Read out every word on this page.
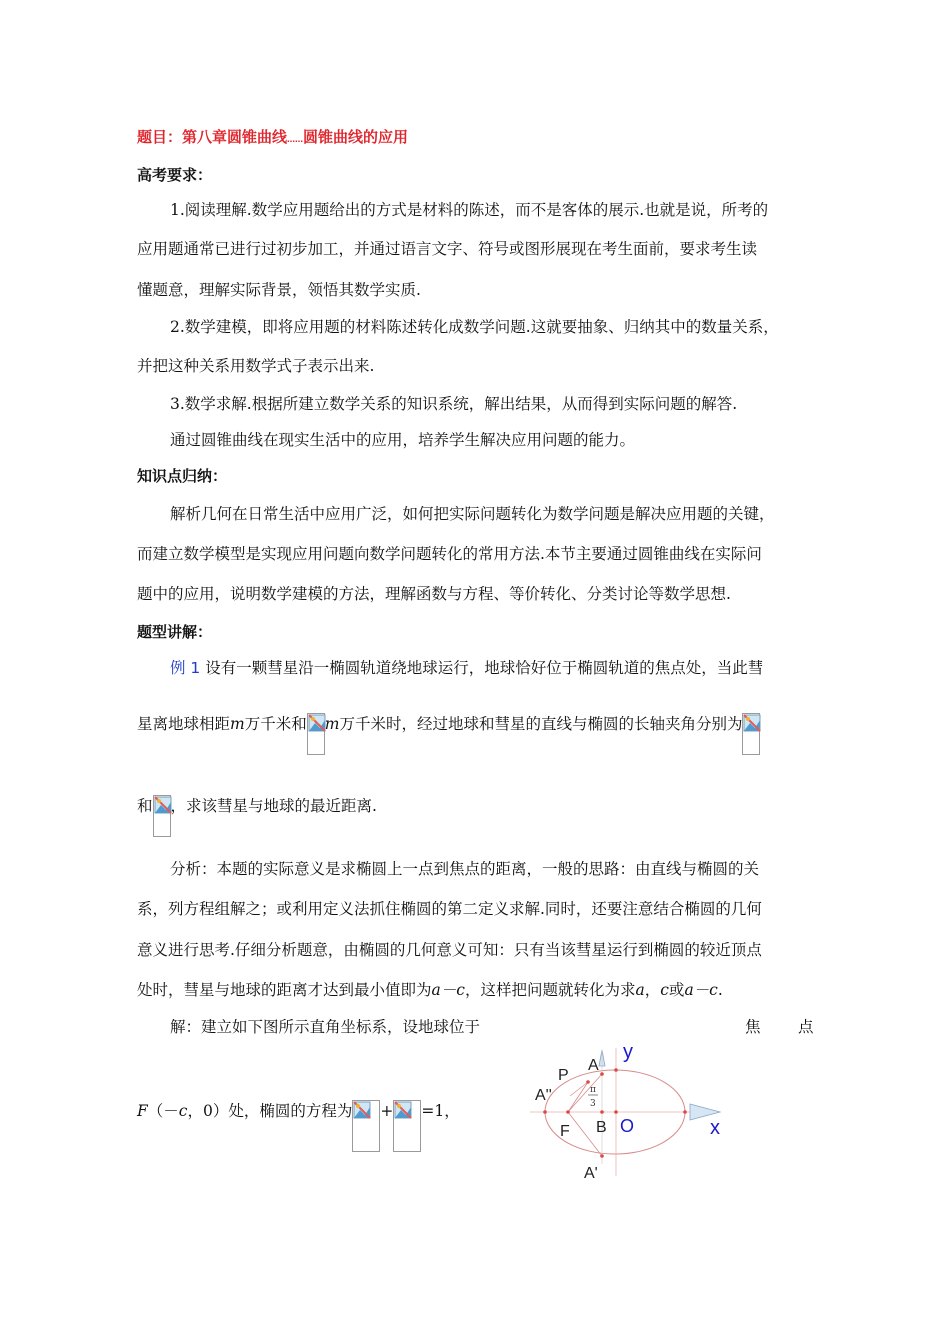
题目：第八章圆锥曲线……圆锥曲线的应用
高考要求：
1.阅读理解.数学应用题给出的方式是材料的陈述，而不是客体的展示.也就是说，所考的
应用题通常已进行过初步加工，并通过语言文字、符号或图形展现在考生面前，要求考生读
懂题意，理解实际背景，领悟其数学实质.
2.数学建模，即将应用题的材料陈述转化成数学问题.这就要抽象、归纳其中的数量关系，
并把这种关系用数学式子表示出来.
3.数学求解.根据所建立数学关系的知识系统，解出结果，从而得到实际问题的解答.
通过圆锥曲线在现实生活中的应用，培养学生解决应用问题的能力。
知识点归纳：
解析几何在日常生活中应用广泛，如何把实际问题转化为数学问题是解决应用题的关键，
而建立数学模型是实现应用问题向数学问题转化的常用方法.本节主要通过圆锥曲线在实际问
题中的应用，说明数学建模的方法，理解函数与方程、等价转化、分类讨论等数学思想.
题型讲解：
例 1 设有一颗彗星沿一椭圆轨道绕地球运行，地球恰好位于椭圆轨道的焦点处，当此彗
星离地球相距m万千米和 m万千米时，经过地球和彗星的直线与椭圆的长轴夹角分别为
和 ，求该彗星与地球的最近距离.
分析：本题的实际意义是求椭圆上一点到焦点的距离，一般的思路：由直线与椭圆的关
系，列方程组解之；或利用定义法抓住椭圆的第二定义求解.同时，还要注意结合椭圆的几何
意义进行思考.仔细分析题意，由椭圆的几何意义可知：只有当该彗星运行到椭圆的较近顶点
处时，彗星与地球的距离才达到最小值即为a－c，这样把问题就转化为求a，c或a－c.
解：建立如下图所示直角坐标系，设地球位于	焦 点
F（－c，0）处，椭圆的方程为 + =1，
y
x
O
A
P
A''
F B
A'
π
3
